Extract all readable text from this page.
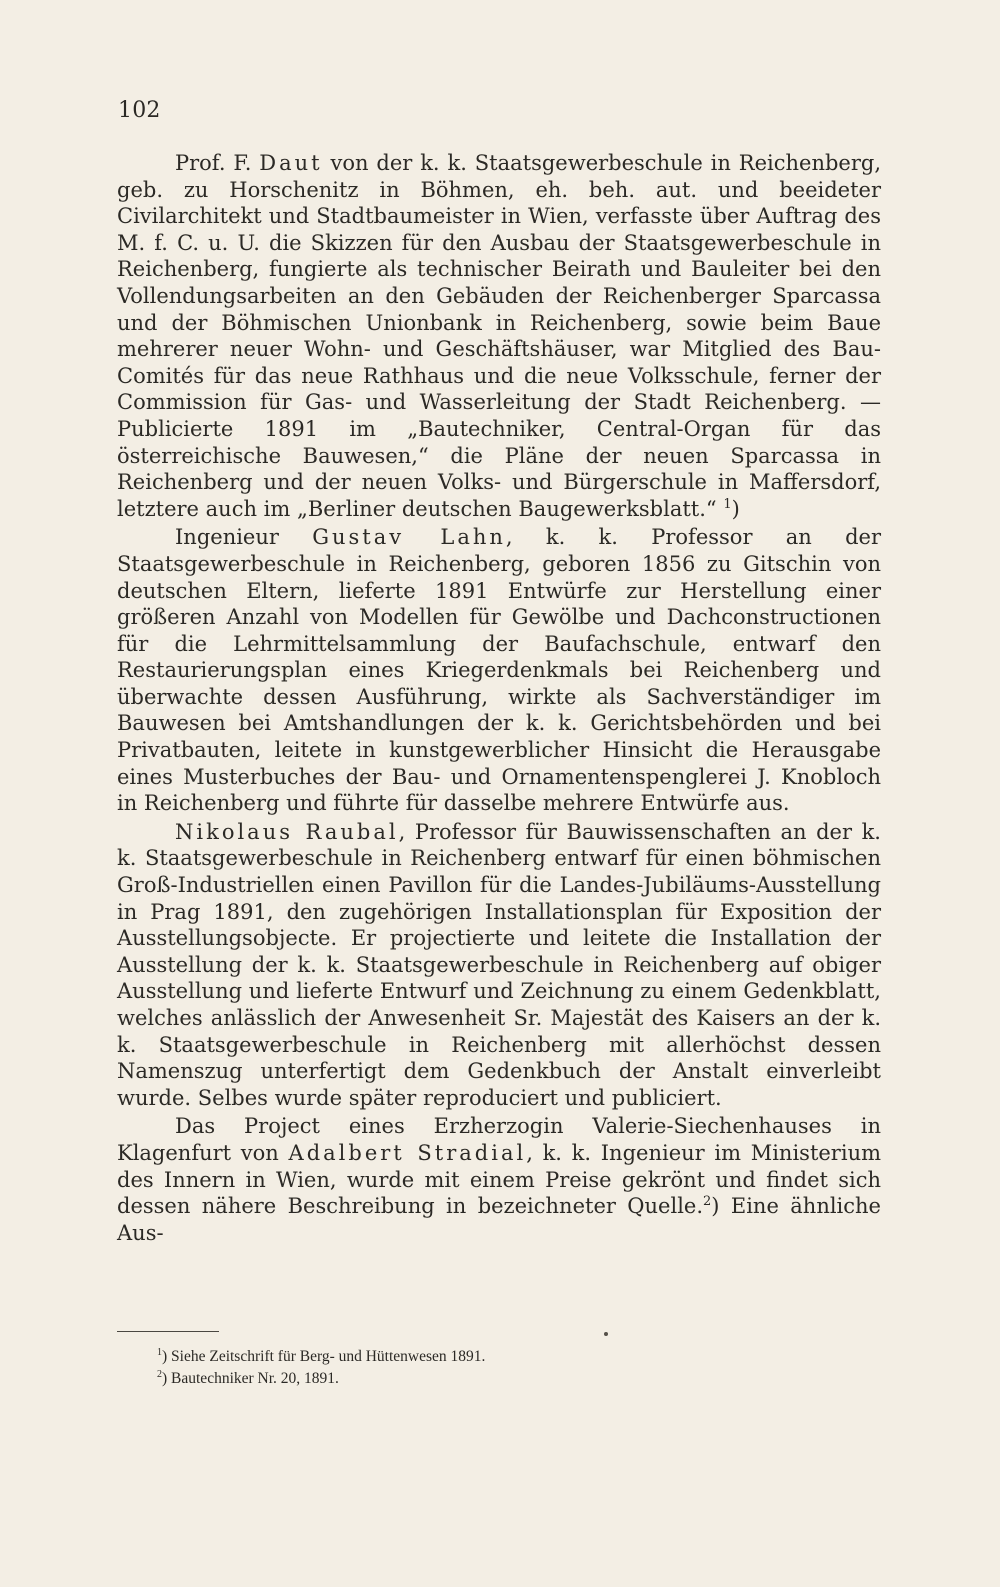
102

Prof. F. Daut von der k. k. Staatsgewerbeschule in Reichenberg, geb. zu Horschenitz in Böhmen, eh. beh. aut. und beeideter Civilarchitekt und Stadtbaumeister in Wien, verfasste über Auftrag des M. f. C. u. U. die Skizzen für den Ausbau der Staatsgewerbeschule in Reichenberg, fungierte als technischer Beirath und Bauleiter bei den Vollendungsarbeiten an den Gebäuden der Reichenberger Sparcassa und der Böhmischen Unionbank in Reichenberg, sowie beim Baue mehrerer neuer Wohn- und Geschäftshäuser, war Mitglied des Bau-Comités für das neue Rathhaus und die neue Volksschule, ferner der Commission für Gas- und Wasserleitung der Stadt Reichenberg. — Publicierte 1891 im „Bautechniker, Central-Organ für das österreichische Bauwesen,“ die Pläne der neuen Sparcassa in Reichenberg und der neuen Volks- und Bürgerschule in Maffersdorf, letztere auch im „Berliner deutschen Baugewerksblatt.“ $^1$)

Ingenieur Gustav Lahn, k. k. Professor an der Staatsgewerbeschule in Reichenberg, geboren 1856 zu Gitschin von deutschen Eltern, lieferte 1891 Entwürfe zur Herstellung einer größeren Anzahl von Modellen für Gewölbe und Dachconstructionen für die Lehrmittelsammlung der Baufachschule, entwarf den Restaurierungsplan eines Kriegerdenkmals bei Reichenberg und überwachte dessen Ausführung, wirkte als Sachverständiger im Bauwesen bei Amtshandlungen der k. k. Gerichtsbehörden und bei Privatbauten, leitete in kunstgewerblicher Hinsicht die Herausgabe eines Musterbuches der Bau- und Ornamentenspenglerei J. Knobloch in Reichenberg und führte für dasselbe mehrere Entwürfe aus.

Nikolaus Raubal, Professor für Bauwissenschaften an der k. k. Staatsgewerbeschule in Reichenberg entwarf für einen böhmischen Groß-Industriellen einen Pavillon für die Landes-Jubiläums-Ausstellung in Prag 1891, den zugehörigen Installationsplan für Exposition der Ausstellungsobjecte. Er projectierte und leitete die Installation der Ausstellung der k. k. Staatsgewerbeschule in Reichenberg auf obiger Ausstellung und lieferte Entwurf und Zeichnung zu einem Gedenkblatt, welches anlässlich der Anwesenheit Sr. Majestät des Kaisers an der k. k. Staatsgewerbeschule in Reichenberg mit allerhöchst dessen Namenszug unterfertigt dem Gedenkbuch der Anstalt einverleibt wurde. Selbes wurde später reproduciert und publiciert.

Das Project eines Erzherzogin Valerie-Siechenhauses in Klagenfurt von Adalbert Stradial, k. k. Ingenieur im Ministerium des Innern in Wien, wurde mit einem Preise gekrönt und findet sich dessen nähere Beschreibung in bezeichneter Quelle.$^2$) Eine ähnliche Aus-

$^1$) Siehe Zeitschrift für Berg- und Hüttenwesen 1891.

$^2$) Bautechniker Nr. 20, 1891.
